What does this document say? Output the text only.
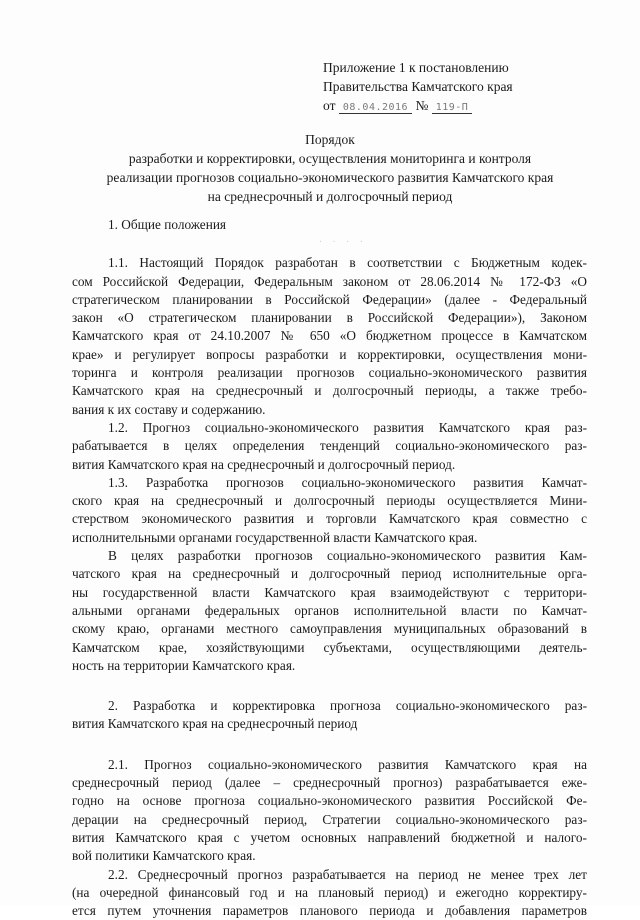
Приложение 1 к постановлению
Правительства Камчатского края
от 08.04.2016 № 119-П
Порядок
разработки и корректировки, осуществления мониторинга и контроля
реализации прогнозов социально-экономического развития Камчатского края
на среднесрочный и долгосрочный период
· · · ·
1. Общие положения
1.1. Настоящий Порядок разработан в соответствии с Бюджетным кодек-
сом Российской Федерации, Федеральным законом от 28.06.2014 № 172-ФЗ «О
стратегическом планировании в Российской Федерации» (далее - Федеральный
закон «О стратегическом планировании в Российской Федерации»), Законом
Камчатского края от 24.10.2007 № 650 «О бюджетном процессе в Камчатском
крае» и регулирует вопросы разработки и корректировки, осуществления мони-
торинга и контроля реализации прогнозов социально-экономического развития
Камчатского края на среднесрочный и долгосрочный периоды, а также требо-
вания к их составу и содержанию.
1.2. Прогноз социально-экономического развития Камчатского края раз-
рабатывается в целях определения тенденций социально-экономического раз-
вития Камчатского края на среднесрочный и долгосрочный период.
1.3. Разработка прогнозов социально-экономического развития Камчат-
ского края на среднесрочный и долгосрочный периоды осуществляется Мини-
стерством экономического развития и торговли Камчатского края совместно с
исполнительными органами государственной власти Камчатского края.
В целях разработки прогнозов социально-экономического развития Кам-
чатского края на среднесрочный и долгосрочный период исполнительные орга-
ны государственной власти Камчатского края взаимодействуют с территори-
альными органами федеральных органов исполнительной власти по Камчат-
скому краю, органами местного самоуправления муниципальных образований в
Камчатском крае, хозяйствующими субъектами, осуществляющими деятель-
ность на территории Камчатского края.
2. Разработка и корректировка прогноза социально-экономического раз-
вития Камчатского края на среднесрочный период
2.1. Прогноз социально-экономического развития Камчатского края на
среднесрочный период (далее – среднесрочный прогноз) разрабатывается еже-
годно на основе прогноза социально-экономического развития Российской Фе-
дерации на среднесрочный период, Стратегии социально-экономического раз-
вития Камчатского края с учетом основных направлений бюджетной и налого-
вой политики Камчатского края.
2.2. Среднесрочный прогноз разрабатывается на период не менее трех лет
(на очередной финансовый год и на плановый период) и ежегодно корректиру-
ется путем уточнения параметров планового периода и добавления параметров
